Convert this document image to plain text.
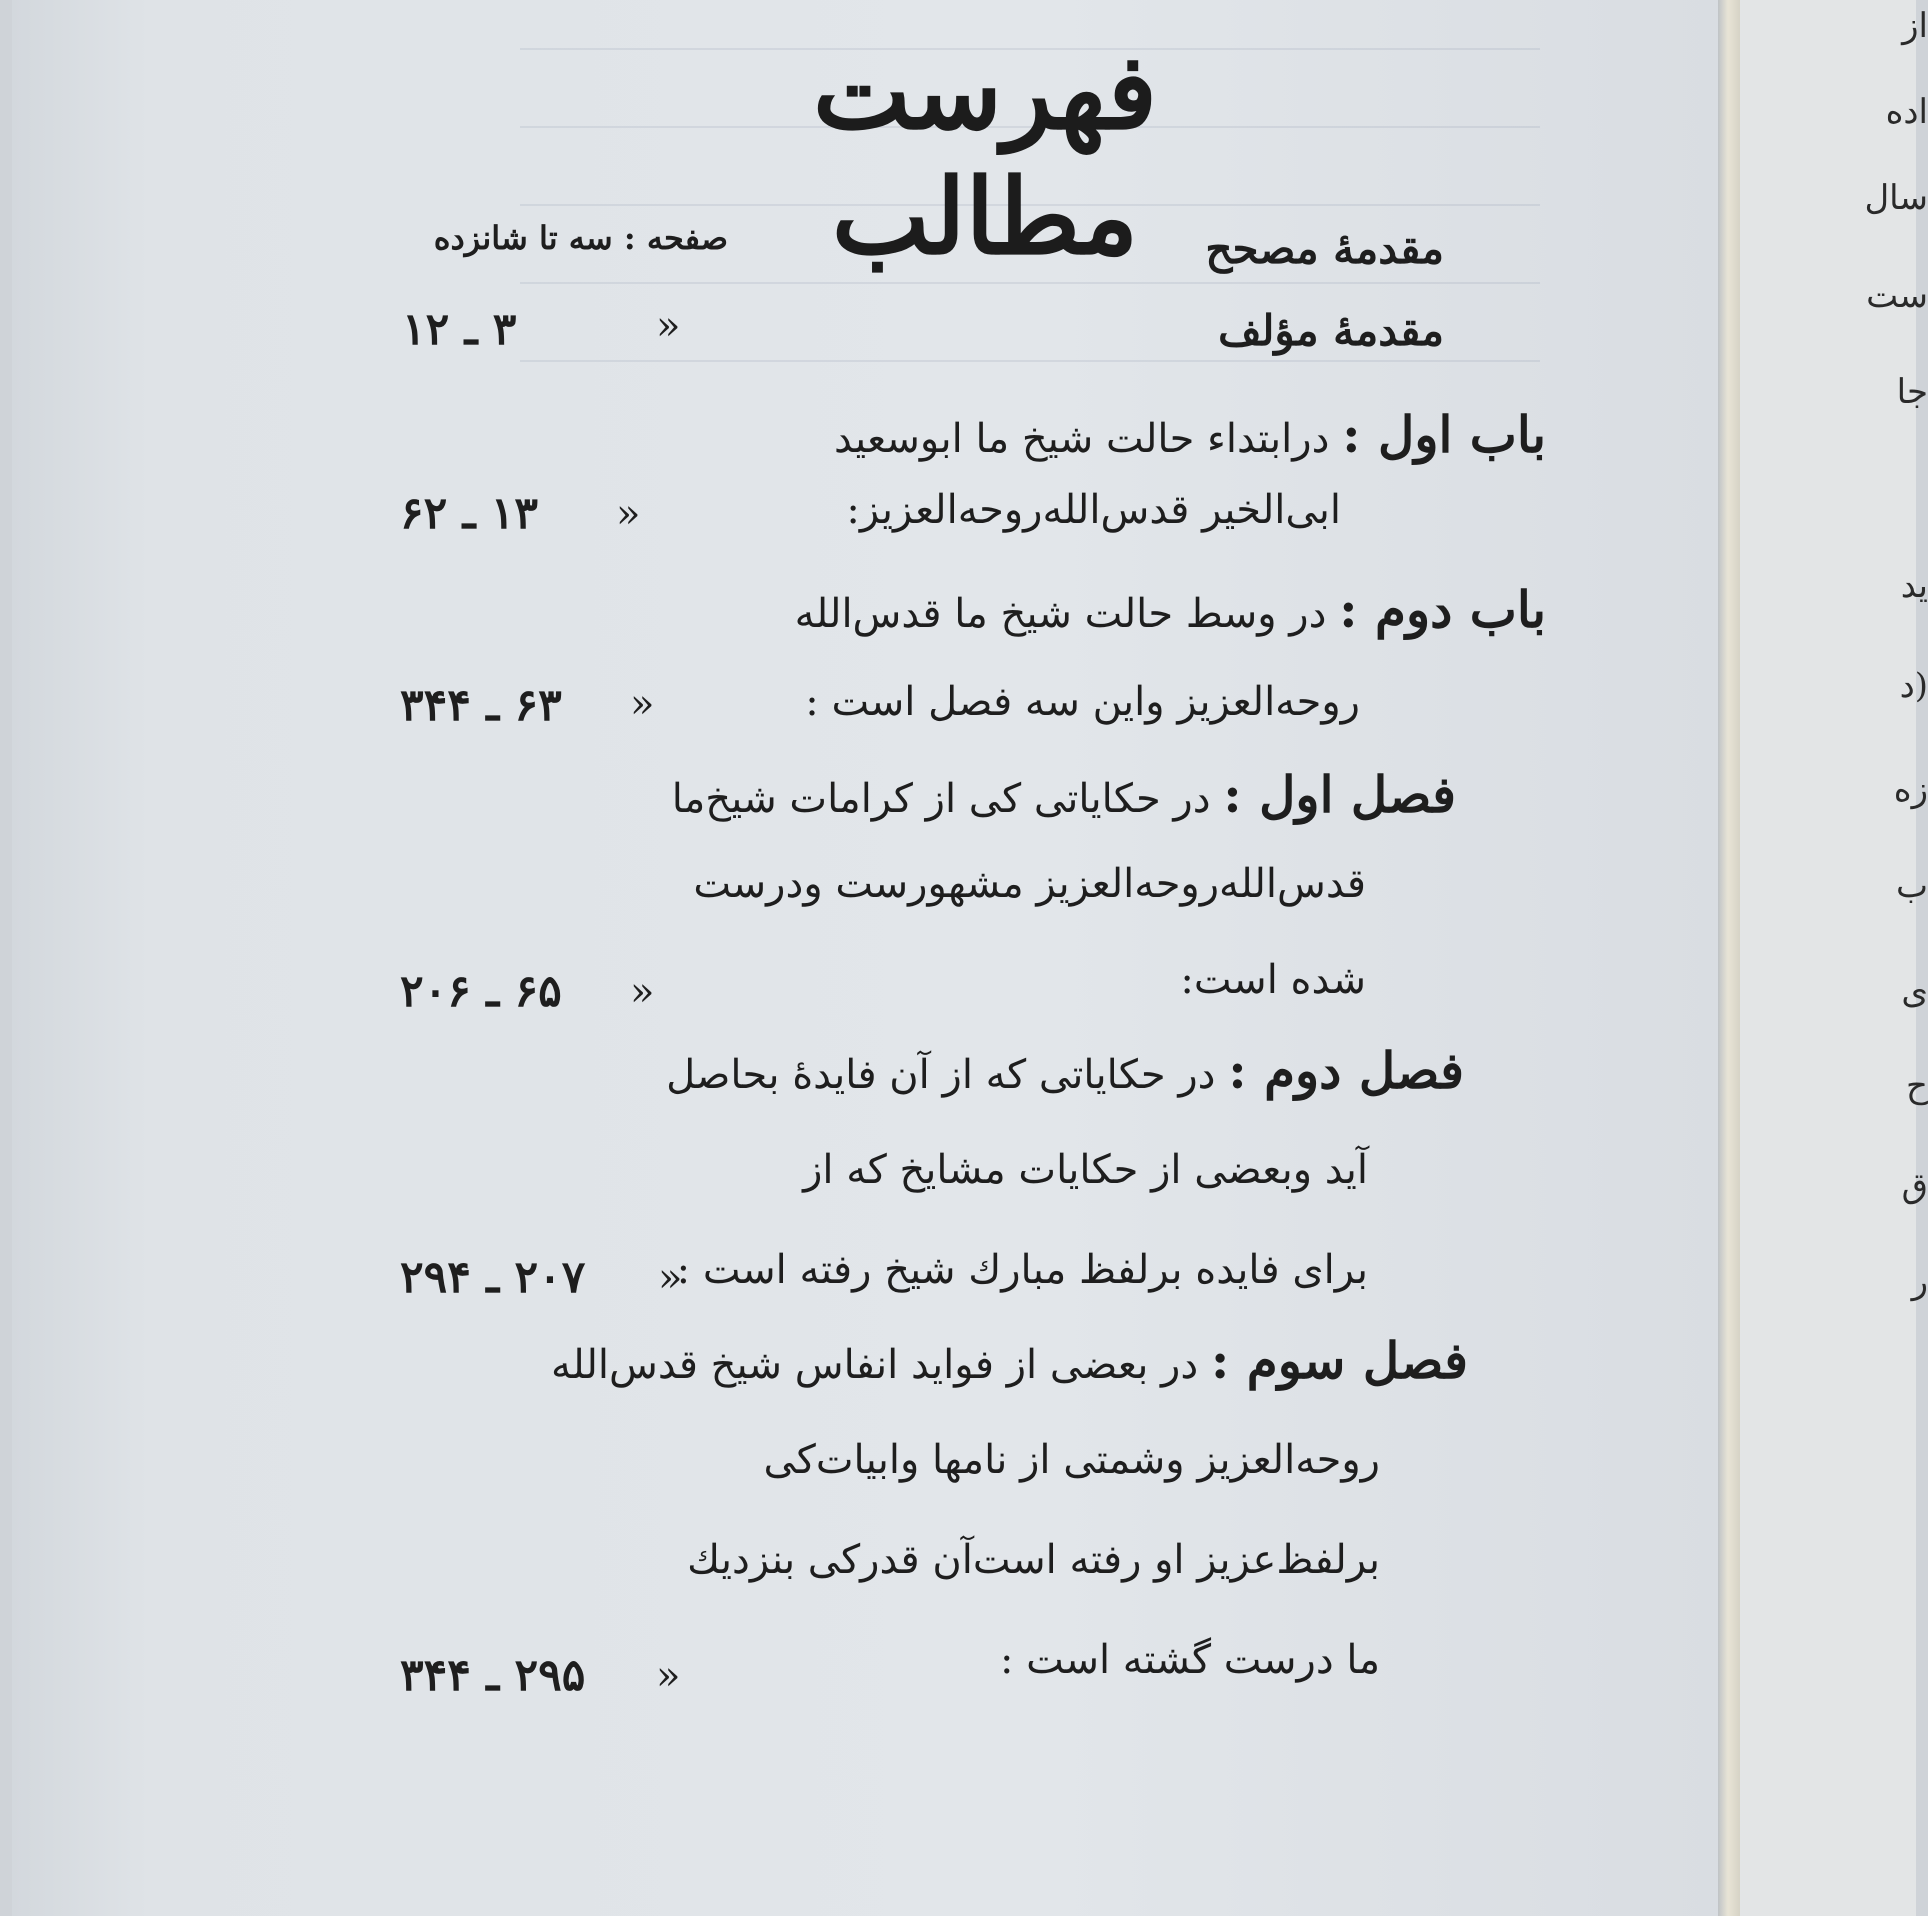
از
اده
سال
ست
جا
ید
(د
زه
ب
ی
ح
ق
ر
فهرست مطالب
صفحه : سه تا شانزده	مقدمهٔ مصحح
مقدمهٔ مؤلف
»
۳ ـ ۱۲
باب اول : درابتداء حالت شیخ ما ابوسعید
ابی‌الخیر قدس‌الله‌روحه‌العزیز:
»
۱۳ ـ ۶۲
باب دوم : در وسط حالت شیخ ما قدس‌الله
روحه‌العزیز واین سه فصل است :
»
۶۳ ـ ۳۴۴
فصل اول : در حکایاتی کی از کرامات شیخ‌ما
قدس‌الله‌روحه‌العزیز مشهورست ودرست
شده است:
»
۶۵ ـ ۲۰۶
فصل دوم : در حکایاتی که از آن فایدهٔ بحاصل
آید وبعضی از حکایات مشایخ که از
برای فایده برلفظ مبارك شیخ رفته است :
»
۲۰۷ ـ ۲۹۴
فصل سوم : در بعضی از فواید انفاس شیخ قدس‌الله
روحه‌العزیز وشمتی از نامها وابیات‌کی
برلفظ‌عزیز او رفته است‌آن قدرکی بنزدیك
ما درست گشته است :
»
۲۹۵ ـ ۳۴۴
